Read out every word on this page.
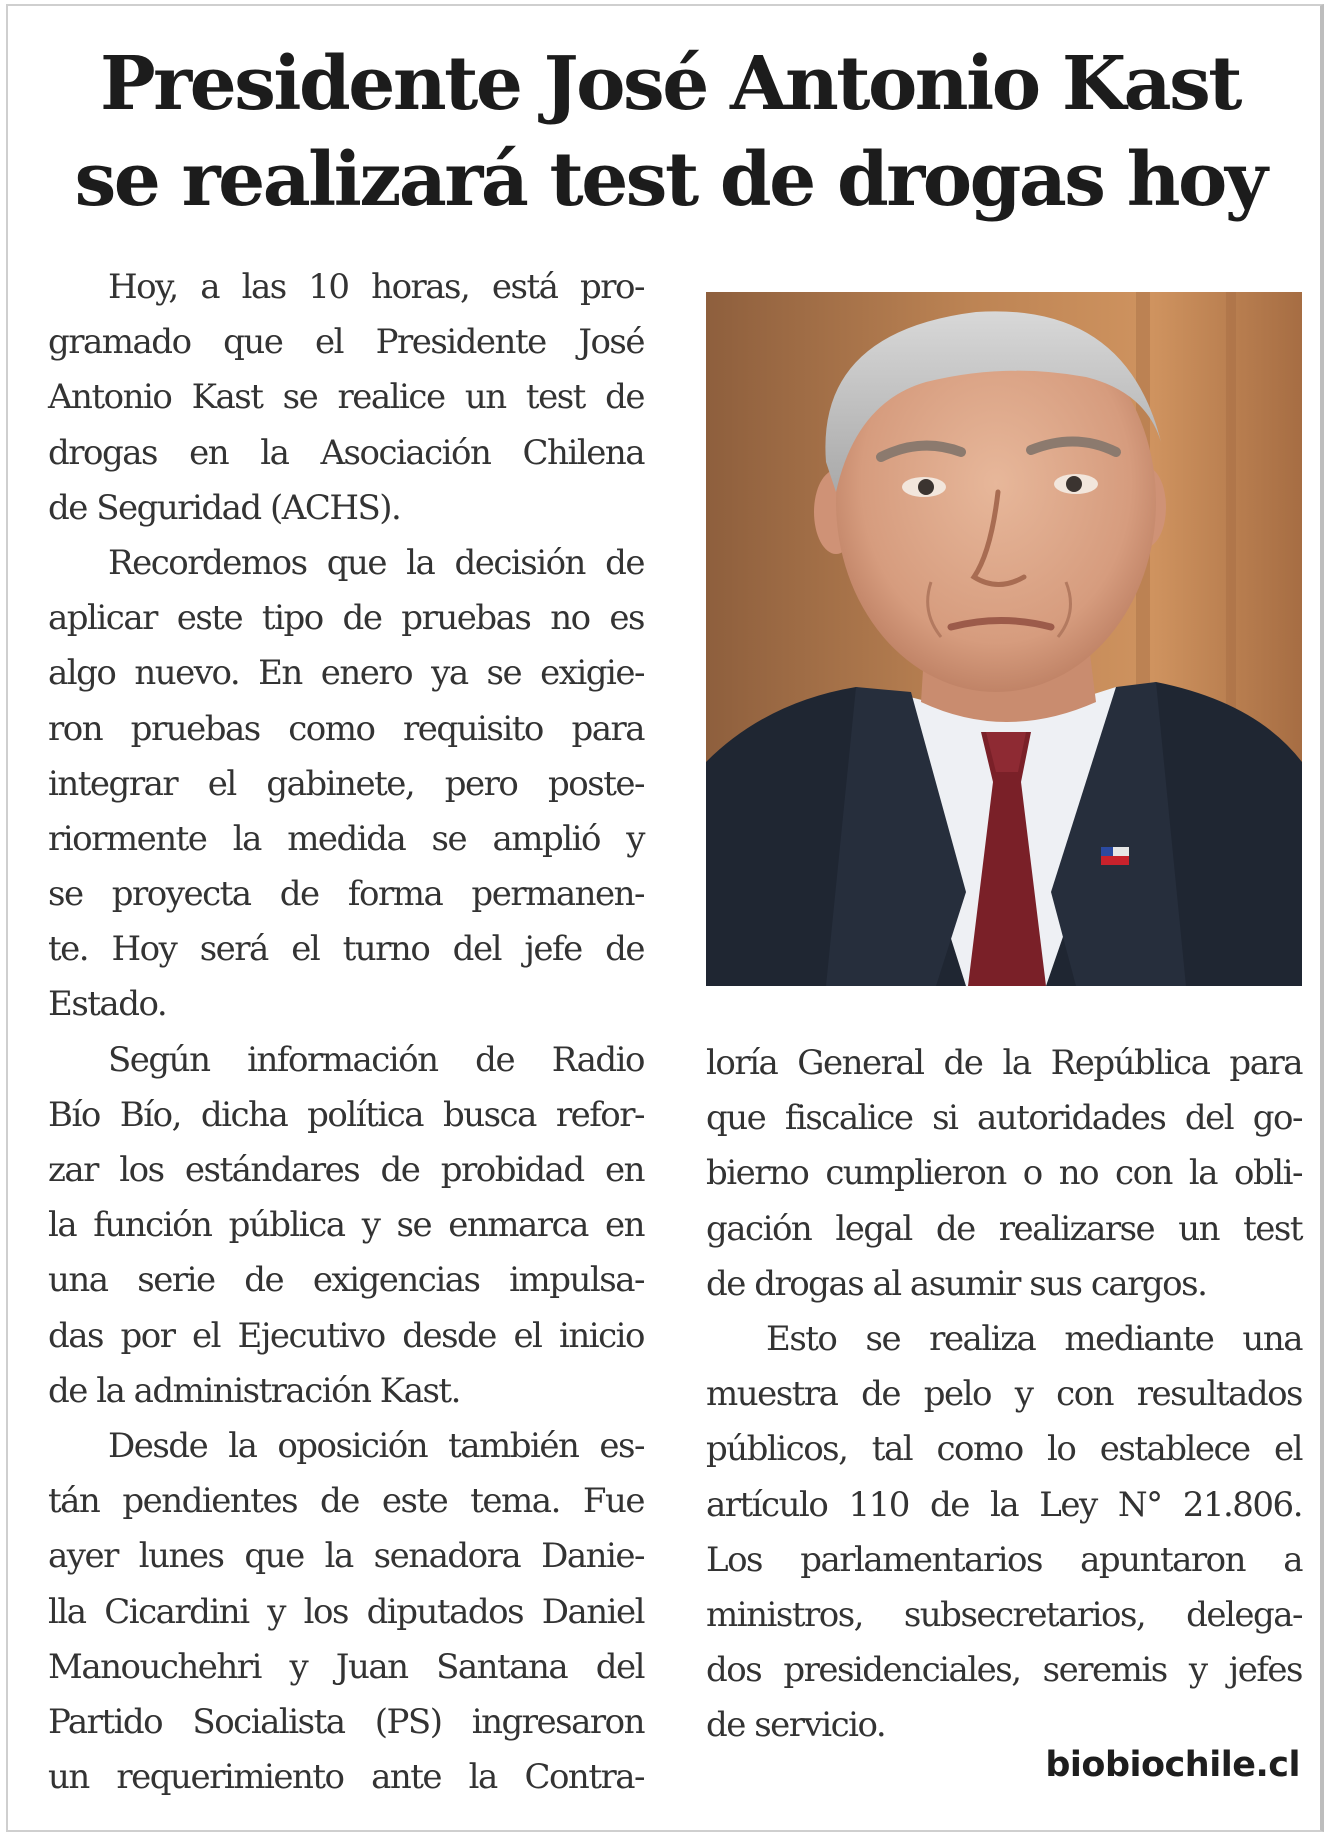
Presidente José Antonio Kast
se realizará test de drogas hoy
Hoy, a las 10 horas, está pro-
gramado que el Presidente José
Antonio Kast se realice un test de
drogas en la Asociación Chilena
de Seguridad (ACHS).
Recordemos que la decisión de
aplicar este tipo de pruebas no es
algo nuevo. En enero ya se exigie-
ron pruebas como requisito para
integrar el gabinete, pero poste-
riormente la medida se amplió y
se proyecta de forma permanen-
te. Hoy será el turno del jefe de
Estado.
Según información de Radio
Bío Bío, dicha política busca refor-
zar los estándares de probidad en
la función pública y se enmarca en
una serie de exigencias impulsa-
das por el Ejecutivo desde el inicio
de la administración Kast.
Desde la oposición también es-
tán pendientes de este tema. Fue
ayer lunes que la senadora Danie-
lla Cicardini y los diputados Daniel
Manouchehri y Juan Santana del
Partido Socialista (PS) ingresaron
un requerimiento ante la Contra-
loría General de la República para
que fiscalice si autoridades del go-
bierno cumplieron o no con la obli-
gación legal de realizarse un test
de drogas al asumir sus cargos.
Esto se realiza mediante una
muestra de pelo y con resultados
públicos, tal como lo establece el
artículo 110 de la Ley N° 21.806.
Los parlamentarios apuntaron a
ministros, subsecretarios, delega-
dos presidenciales, seremis y jefes
de servicio.
biobiochile.cl
